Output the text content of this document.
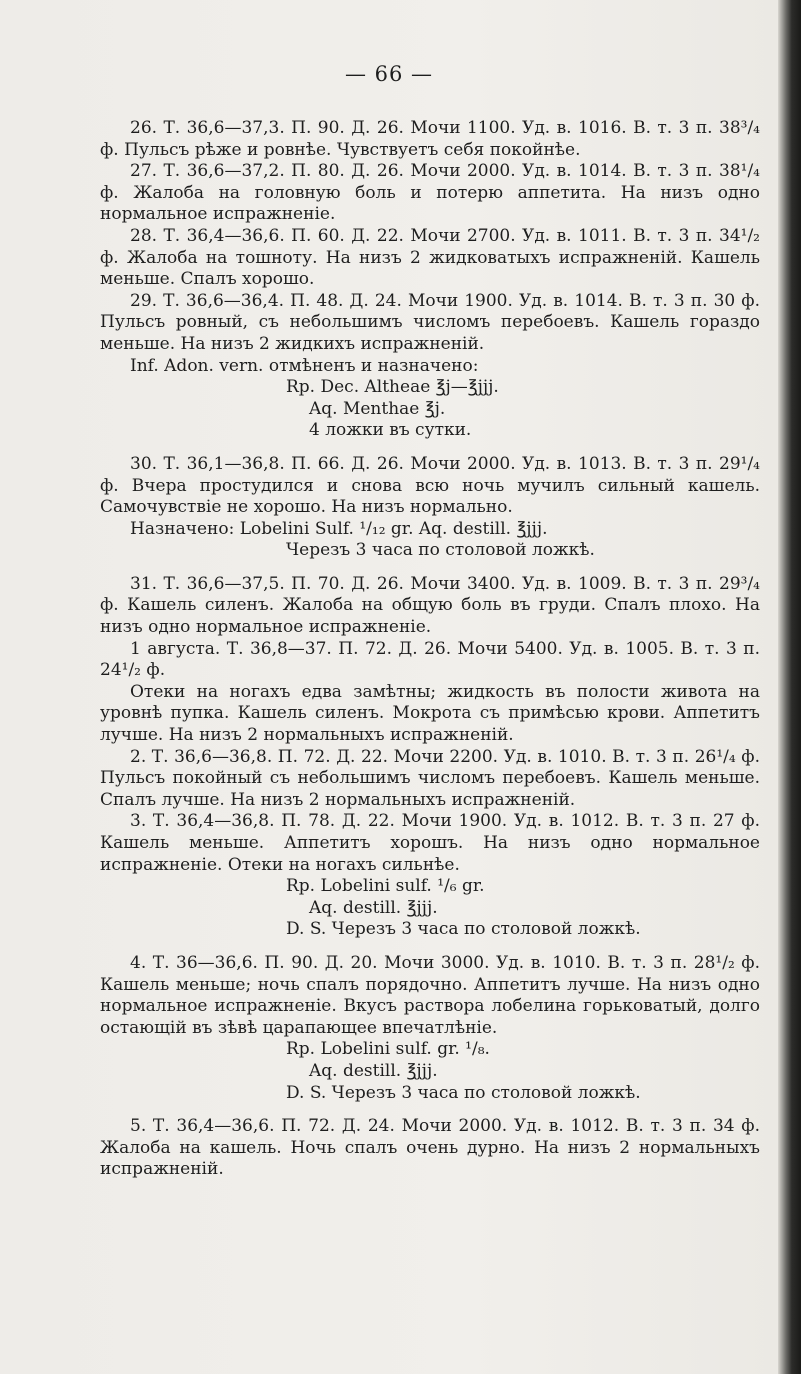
— 66 —

26. Т. 36,6—37,3. П. 90. Д. 26. Мочи 1100. Уд. в. 1016. В. т. 3 п. 38³/₄ ф. Пульсъ рѣже и ровнѣе. Чувствуетъ себя покойнѣе.

27. Т. 36,6—37,2. П. 80. Д. 26. Мочи 2000. Уд. в. 1014. В. т. 3 п. 38¹/₄ ф. Жалоба на головную боль и потерю аппетита. На низъ одно нормальное испражненіе.

28. Т. 36,4—36,6. П. 60. Д. 22. Мочи 2700. Уд. в. 1011. В. т. 3 п. 34¹/₂ ф. Жалоба на тошноту. На низъ 2 жидковатыхъ испражненій. Кашель меньше. Спалъ хорошо.

29. Т. 36,6—36,4. П. 48. Д. 24. Мочи 1900. Уд. в. 1014. В. т. 3 п. 30 ф. Пульсъ ровный, съ небольшимъ числомъ перебоевъ. Кашель гораздо меньше. На низъ 2 жидкихъ испражненій.

Inf. Adon. vern. отмѣненъ и назначено:

Rp. Dec. Althеае ℥j—℥jjj.

Aq. Menthae ℥j.

4 ложки въ сутки.

30. Т. 36,1—36,8. П. 66. Д. 26. Мочи 2000. Уд. в. 1013. В. т. 3 п. 29¹/₄ ф. Вчера простудился и снова всю ночь мучилъ сильный кашель. Самочувствіе не хорошо. На низъ нормально.

Назначено: Lobelini Sulf. ¹/₁₂ gr. Aq. destill. ℥jjj.

Черезъ 3 часа по столовой ложкѣ.

31. Т. 36,6—37,5. П. 70. Д. 26. Мочи 3400. Уд. в. 1009. В. т. 3 п. 29³/₄ ф. Кашель силенъ. Жалоба на общую боль въ груди. Спалъ плохо. На низъ одно нормальное испражненіе.

1 августа. Т. 36,8—37. П. 72. Д. 26. Мочи 5400. Уд. в. 1005. В. т. 3 п. 24¹/₂ ф.

Отеки на ногахъ едва замѣтны; жидкость въ полости живота на уровнѣ пупка. Кашель силенъ. Мокрота съ примѣсью крови. Аппетитъ лучше. На низъ 2 нормальныхъ испражненій.

2. Т. 36,6—36,8. П. 72. Д. 22. Мочи 2200. Уд. в. 1010. В. т. 3 п. 26¹/₄ ф. Пульсъ покойный съ небольшимъ числомъ перебоевъ. Кашель меньше. Спалъ лучше. На низъ 2 нормальныхъ испражненій.

3. Т. 36,4—36,8. П. 78. Д. 22. Мочи 1900. Уд. в. 1012. В. т. 3 п. 27 ф. Кашель меньше. Аппетитъ хорошъ. На низъ одно нормальное испражненіе. Отеки на ногахъ сильнѣе.

Rp. Lobelini sulf. ¹/₆ gr.

Aq. destill. ℥jjj.

D. S. Черезъ 3 часа по столовой ложкѣ.

4. Т. 36—36,6. П. 90. Д. 20. Мочи 3000. Уд. в. 1010. В. т. 3 п. 28¹/₂ ф. Кашель меньше; ночь спалъ порядочно. Аппетитъ лучше. На низъ одно нормальное испражненіе. Вкусъ раствора лобелина горьковатый, долго остающій въ зѣвѣ царапающее впечатлѣніе.

Rp. Lobelini sulf. gr. ¹/₈.

Aq. destill. ℥jjj.

D. S. Черезъ 3 часа по столовой ложкѣ.

5. Т. 36,4—36,6. П. 72. Д. 24. Мочи 2000. Уд. в. 1012. В. т. 3 п. 34 ф. Жалоба на кашель. Ночь спалъ очень дурно. На низъ 2 нормальныхъ испражненій.
